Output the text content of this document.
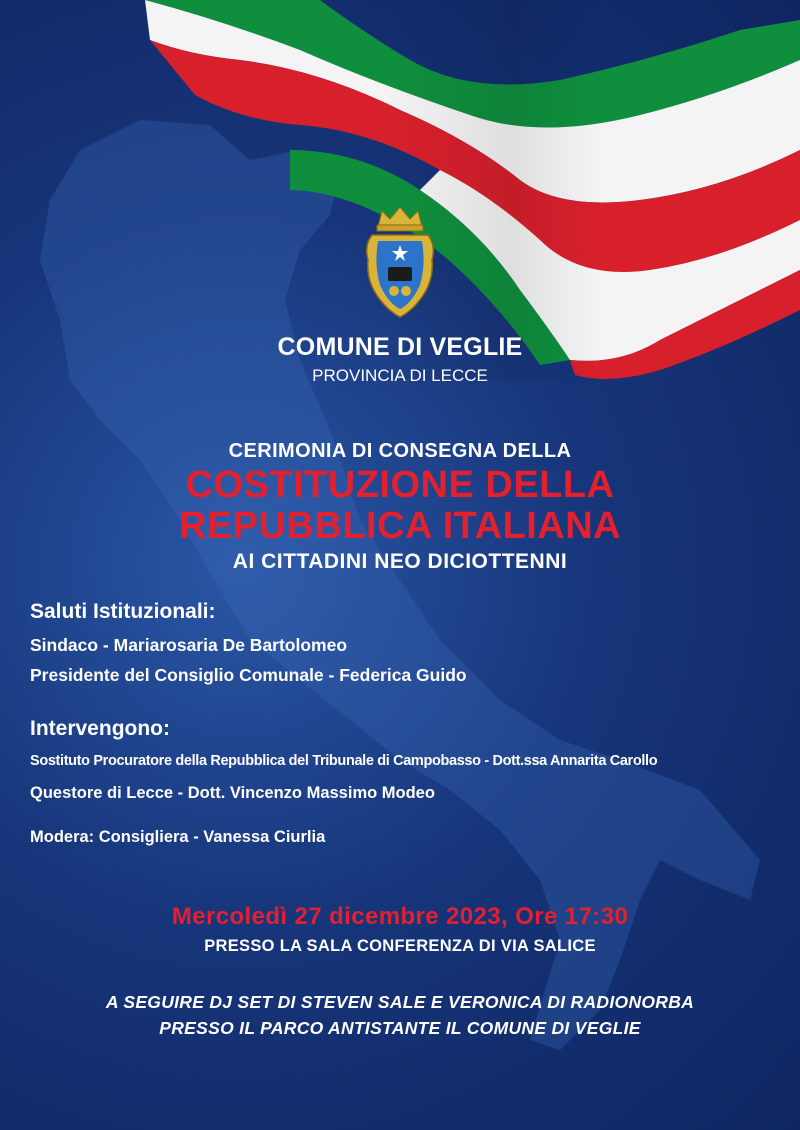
COMUNE DI VEGLIE
PROVINCIA DI LECCE
CERIMONIA DI CONSEGNA DELLA
COSTITUZIONE DELLA
REPUBBLICA ITALIANA
AI CITTADINI NEO DICIOTTENNI
Saluti Istituzionali:
Sindaco - Mariarosaria De Bartolomeo
Presidente del Consiglio Comunale - Federica Guido
Intervengono:
Sostituto Procuratore della Repubblica del Tribunale di Campobasso - Dott.ssa Annarita Carollo
Questore di Lecce - Dott. Vincenzo Massimo Modeo
Modera: Consigliera - Vanessa Ciurlia
Mercoledì 27 dicembre 2023, Ore 17:30
PRESSO LA SALA CONFERENZA DI VIA SALICE
A SEGUIRE DJ SET DI STEVEN SALE E VERONICA DI RADIONORBA
PRESSO IL PARCO ANTISTANTE IL COMUNE DI VEGLIE
